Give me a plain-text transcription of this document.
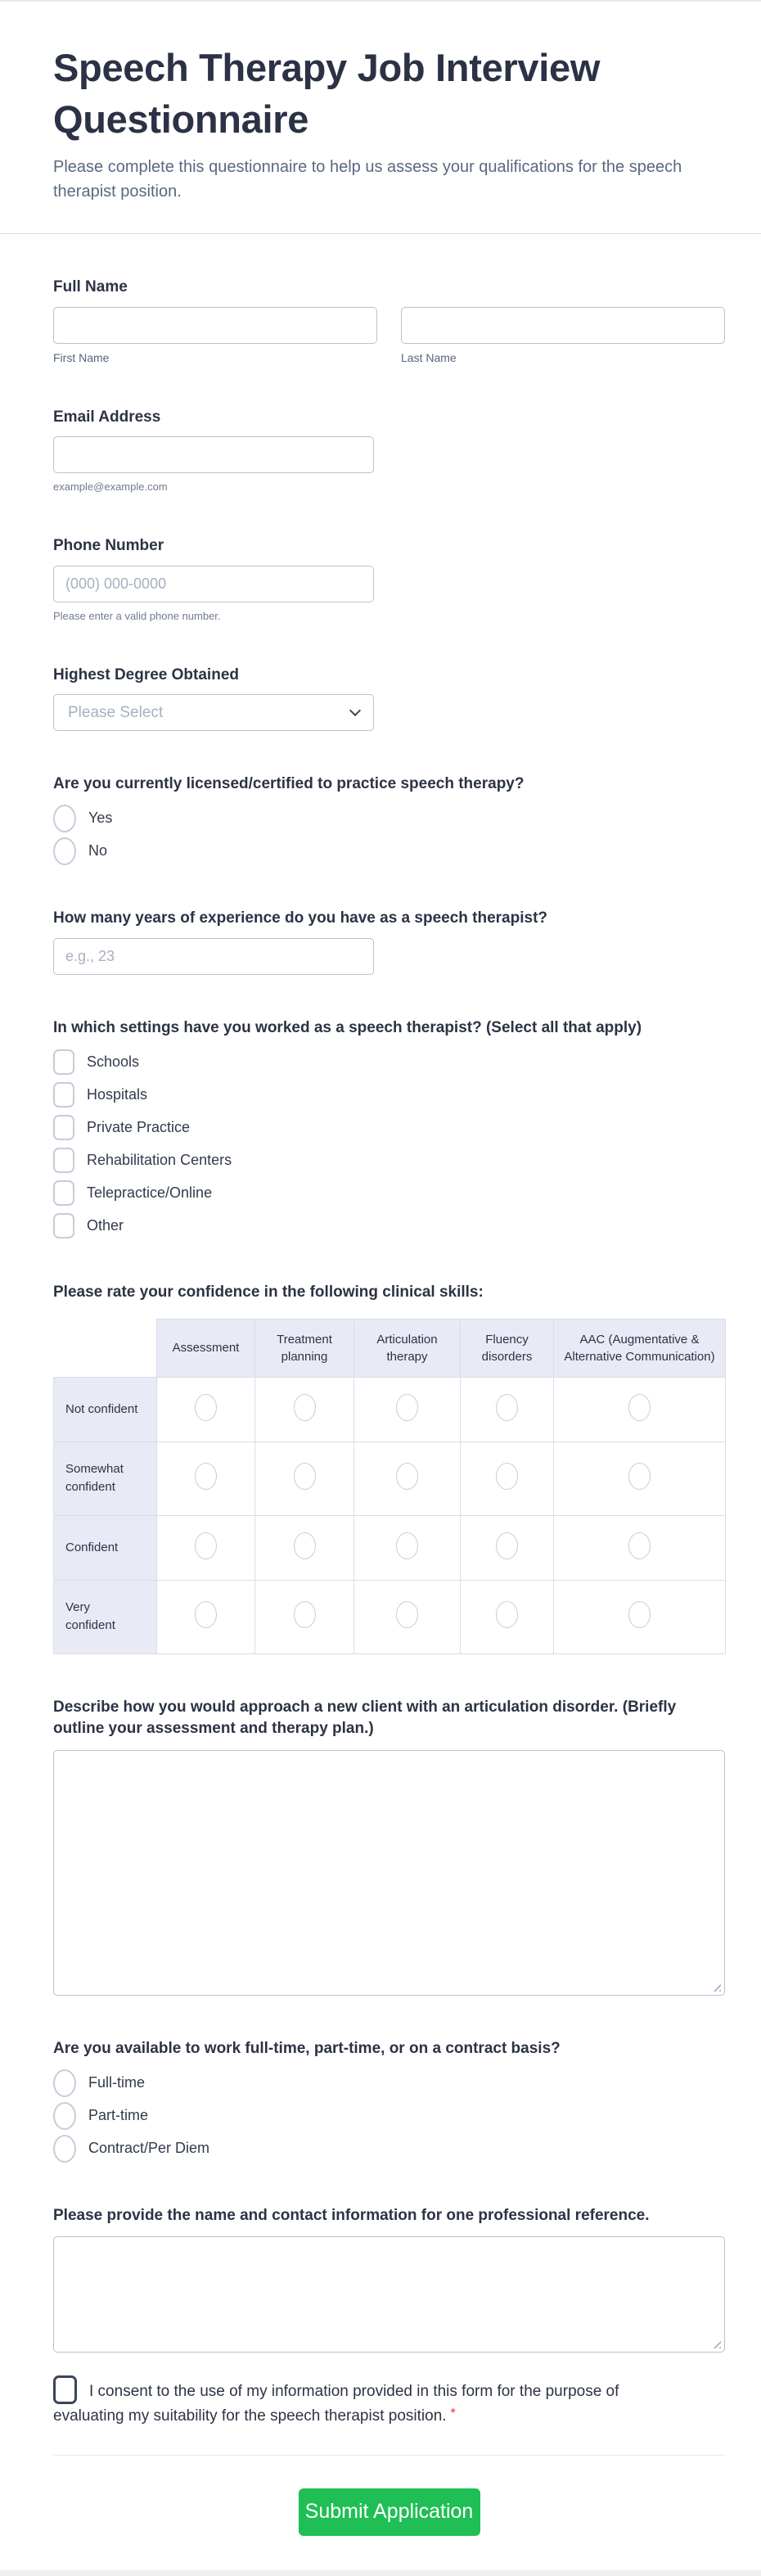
Speech Therapy Job Interview Questionnaire

Please complete this questionnaire to help us assess your qualifications for the speech therapist position.

Full Name
First Name	Last Name
Email Address
example@example.com
Phone Number
(000) 000-0000
Please enter a valid phone number.
Highest Degree Obtained
Please Select
Are you currently licensed/certified to practice speech therapy?
Yes
No
How many years of experience do you have as a speech therapist?
e.g., 23
In which settings have you worked as a speech therapist? (Select all that apply)
Schools
Hospitals
Private Practice
Rehabilitation Centers
Telepractice/Online
Other
Please rate your confidence in the following clinical skills:
	Assessment	Treatment planning	Articulation therapy	Fluency disorders	AAC (Augmentative & Alternative Communication)
Not confident					
Somewhat confident					
Confident					
Very confident					
Describe how you would approach a new client with an articulation disorder. (Briefly outline your assessment and therapy plan.)
Are you available to work full-time, part-time, or on a contract basis?
Full-time
Part-time
Contract/Per Diem
Please provide the name and contact information for one professional reference.
I consent to the use of my information provided in this form for the purpose of evaluating my suitability for the speech therapist position. *
Submit Application
